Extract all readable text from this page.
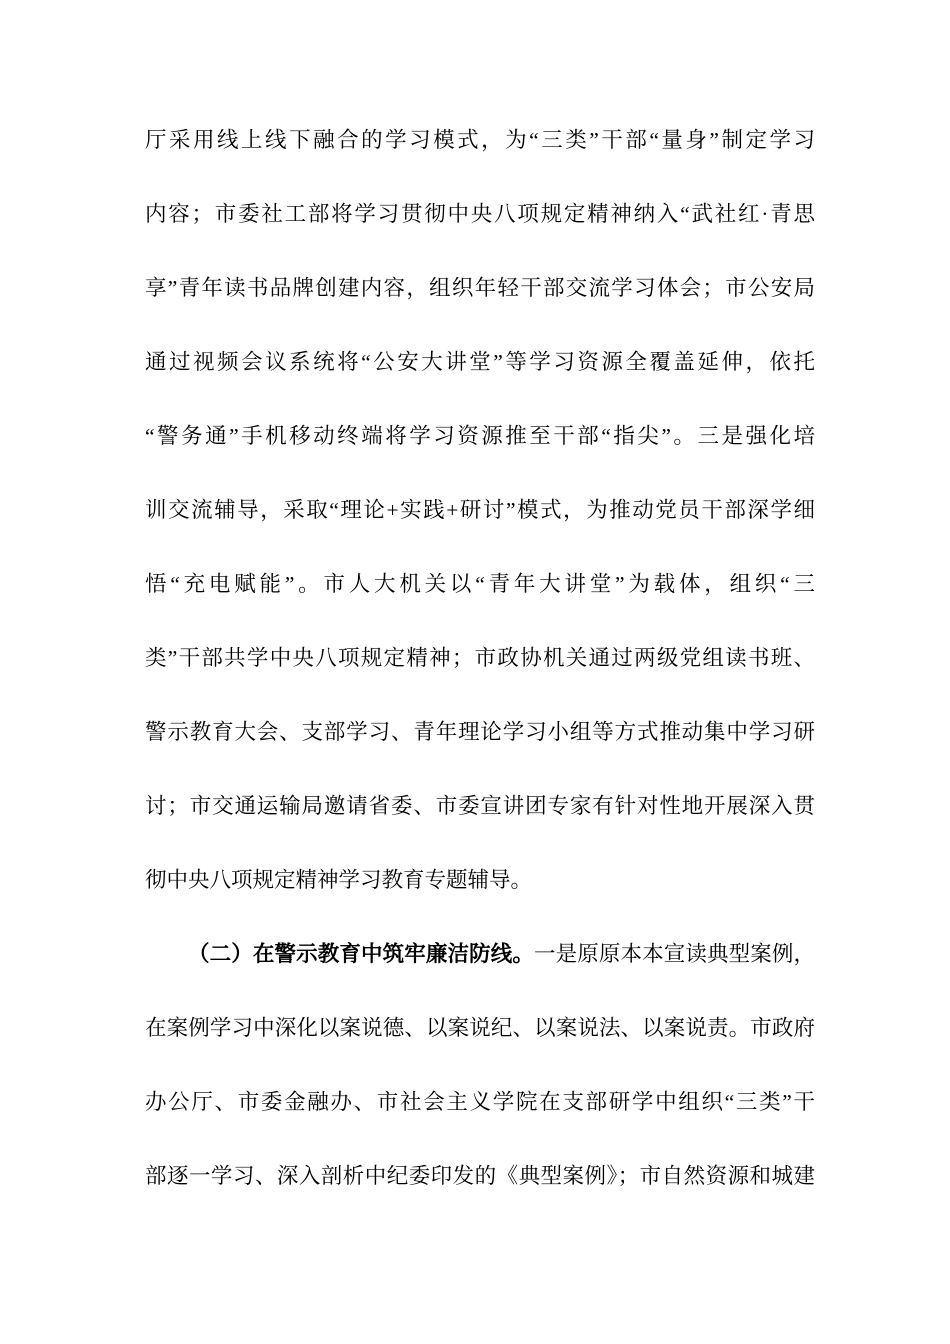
厅采用线上线下融合的学习模式，为“三类”干部“量身”制定学习
内容；市委社工部将学习贯彻中央八项规定精神纳入“武社红·青思
享”青年读书品牌创建内容，组织年轻干部交流学习体会；市公安局
通过视频会议系统将“公安大讲堂”等学习资源全覆盖延伸，依托
“警务通”手机移动终端将学习资源推至干部“指尖”。三是强化培
训交流辅导，采取“理论+实践+研讨”模式，为推动党员干部深学细
悟“充电赋能”。市人大机关以“青年大讲堂”为载体，组织“三
类”干部共学中央八项规定精神；市政协机关通过两级党组读书班、
警示教育大会、支部学习、青年理论学习小组等方式推动集中学习研
讨；市交通运输局邀请省委、市委宣讲团专家有针对性地开展深入贯
彻中央八项规定精神学习教育专题辅导。
（二）在警示教育中筑牢廉洁防线。一是原原本本宣读典型案例，
在案例学习中深化以案说德、以案说纪、以案说法、以案说责。市政府
办公厅、市委金融办、市社会主义学院在支部研学中组织“三类”干
部逐一学习、深入剖析中纪委印发的《典型案例》；市自然资源和城建
